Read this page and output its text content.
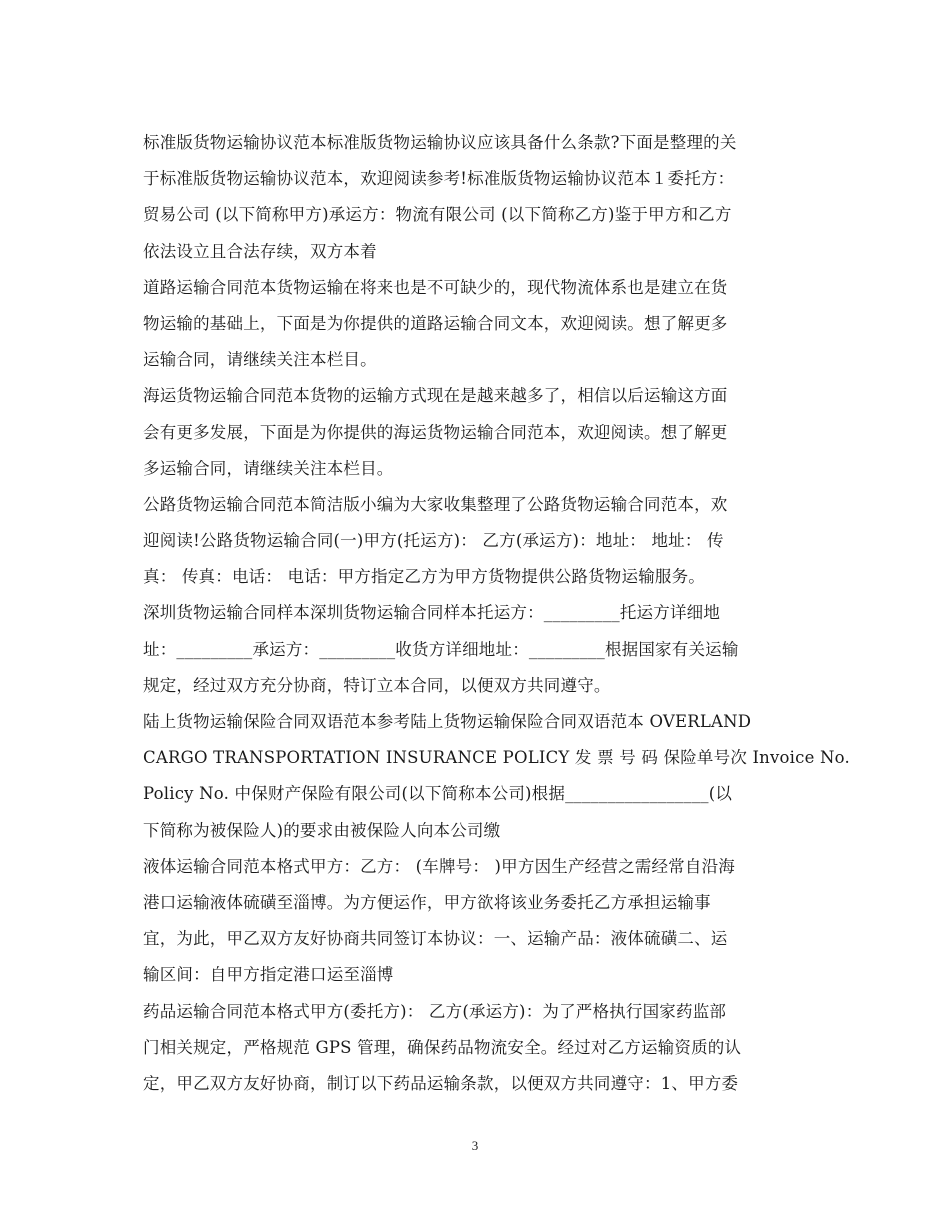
标准版货物运输协议范本标准版货物运输协议应该具备什么条款?下面是整理的关
于标准版货物运输协议范本，欢迎阅读参考!标准版货物运输协议范本１委托方：
贸易公司 (以下简称甲方)承运方：物流有限公司 (以下简称乙方)鉴于甲方和乙方
依法设立且合法存续，双方本着
道路运输合同范本货物运输在将来也是不可缺少的，现代物流体系也是建立在货
物运输的基础上，下面是为你提供的道路运输合同文本，欢迎阅读。想了解更多
运输合同，请继续关注本栏目。
海运货物运输合同范本货物的运输方式现在是越来越多了，相信以后运输这方面
会有更多发展，下面是为你提供的海运货物运输合同范本，欢迎阅读。想了解更
多运输合同，请继续关注本栏目。
公路货物运输合同范本简洁版小编为大家收集整理了公路货物运输合同范本，欢
迎阅读!公路货物运输合同(一)甲方(托运方)： 乙方(承运方)：地址： 地址： 传
真： 传真：电话： 电话：甲方指定乙方为甲方货物提供公路货物运输服务。
深圳货物运输合同样本深圳货物运输合同样本托运方：_________托运方详细地
址：_________承运方：_________收货方详细地址：_________根据国家有关运输
规定，经过双方充分协商，特订立本合同，以便双方共同遵守。
陆上货物运输保险合同双语范本参考陆上货物运输保险合同双语范本 OVERLAND
CARGO TRANSPORTATION INSURANCE POLICY 发 票 号 码 保险单号次 Invoice No.
Policy No. 中保财产保险有限公司(以下简称本公司)根据_________________(以
下简称为被保险人)的要求由被保险人向本公司缴
液体运输合同范本格式甲方：乙方： (车牌号： )甲方因生产经营之需经常自沿海
港口运输液体硫磺至淄博。为方便运作，甲方欲将该业务委托乙方承担运输事
宜，为此，甲乙双方友好协商共同签订本协议：一、运输产品：液体硫磺二、运
输区间：自甲方指定港口运至淄博
药品运输合同范本格式甲方(委托方)： 乙方(承运方)：为了严格执行国家药监部
门相关规定，严格规范 GPS 管理，确保药品物流安全。经过对乙方运输资质的认
定，甲乙双方友好协商，制订以下药品运输条款，以便双方共同遵守：1、甲方委
3
